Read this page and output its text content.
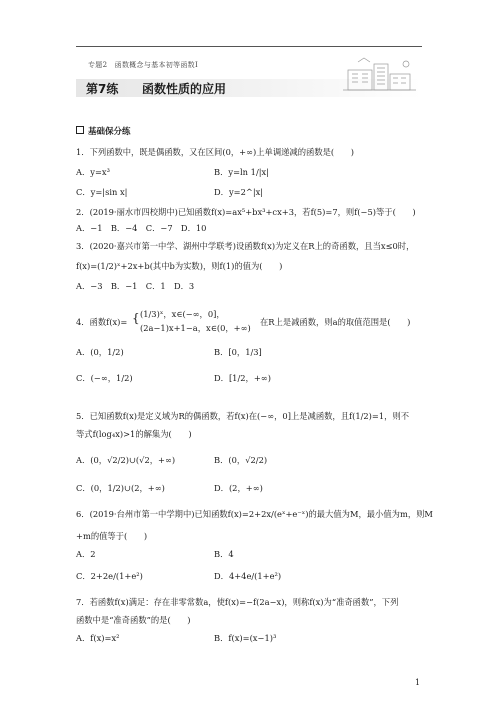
专题2　函数概念与基本初等函数Ⅰ
第7练 函数性质的应用
基础保分练
1．下列函数中，既是偶函数，又在区间(0，+∞)上单调递减的函数是(　　)
A．y=x³	B．y=ln 1/|x|
C．y=|sin x|	D．y=2^|x|
2．(2019·丽水市四校期中)已知函数f(x)=ax⁵+bx³+cx+3，若f(5)=7，则f(−5)等于(　　)
A．−1　B．−4　C．−7　D．10
3．(2020·嘉兴市第一中学、湖州中学联考)设函数f(x)为定义在R上的奇函数，且当x≤0时，
f(x)=(1/2)ˣ+2x+b(其中b为实数)，则f(1)的值为(　　)
A．−3　B．−1　C．1　D．3
4．函数f(x)= { (1/3)ˣ，x∈(−∞，0]，
(2a−1)x+1−a，x∈(0，+∞)
在R上是减函数，则a的取值范围是(　　)
A．(0，1/2)	B．[0，1/3]
C．(−∞，1/2)	D．[1/2，+∞)
5．已知函数f(x)是定义域为R的偶函数，若f(x)在(−∞，0]上是减函数，且f(1/2)=1，则不
等式f(log₄x)>1的解集为(　　)
A．(0，√2/2)∪(√2，+∞)	B．(0，√2/2)
C．(0，1/2)∪(2，+∞)	D．(2，+∞)
6．(2019·台州市第一中学期中)已知函数f(x)=2+2x/(eˣ+e⁻ˣ)的最大值为M，最小值为m，则M
+m的值等于(　　)
A．2	B．4
C．2+2e/(1+e²)	D．4+4e/(1+e²)
7．若函数f(x)满足：存在非零常数a，使f(x)=−f(2a−x)，则称f(x)为“准奇函数”，下列
函数中是“准奇函数”的是(　　)
A．f(x)=x²	B．f(x)=(x−1)³
1
